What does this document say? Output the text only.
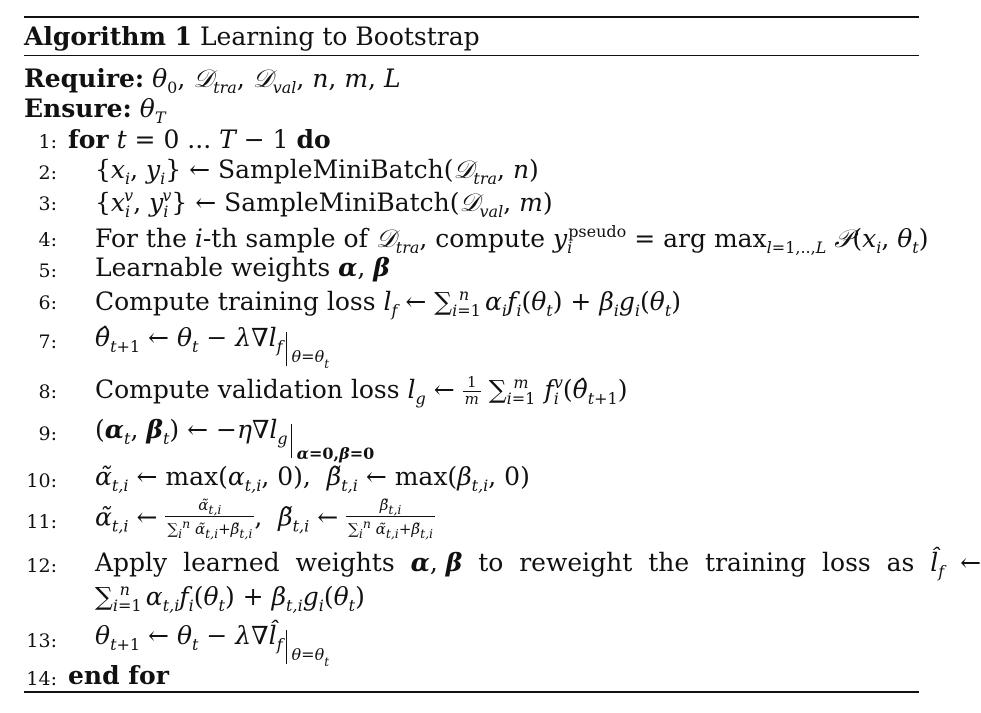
Algorithm 1 Learning to Bootstrap
Require: $\theta_0$, 𝒟$_{tra}$, 𝒟$_{val}$, n, m, L
Ensure: $\theta_T$
1: for t = 0 ... T − 1 do
2: {$x_i$, $y_i$} ← SampleMiniBatch(𝒟$_{tra}$, n)
3: {$x_i^v$, $y_i^v$} ← SampleMiniBatch(𝒟$_{val}$, m)
4: For the i-th sample of 𝒟$_{tra}$, compute $y_i^{pseudo}$ = arg $\max_{l=1,..,L}$ $𝒫(x_i$, $\theta_t$)
5: Learnable weights α, β
6: Compute training loss $l_f$ ← $\sum_{i=1}^n$ $\alpha_if_i(\theta_t) + \beta_ig_i(\theta_t)$
7: $\thetâ_{t+1}$ ← $\theta_t - \lambda\nabla l_f$
$\theta=\theta_t$
8: Compute validation loss $l_g$ ← $\frac{1}{m} \sum_{i=1}^m$ $f_i^v(\thetâ_{t+1})$
9: ($\alpha_t$, $\beta_t$) ← $-\eta\nabla l_g$
α=0,β=0
10: $\alphã_{t,i}$ ← $\max(\alpha_{t,i}$, 0),  $\betã_{t,i}$ ← $\max(\beta_{t,i}$, 0)
11: $\alphã_{t,i}$ ← $\frac{\alphã_{t,i}}{\sum_i^n \alphã_{t,i}+\betã_{t,i}}$ ,  $\betã_{t,i}$ ← $\frac{\betã_{t,i}}{\sum_i^n \alphã_{t,i}+\betã_{t,i}}$
12: Apply  learned  weights  α, β  to  reweight  the  training  loss  as  $l̂_f$  ←
$\sum_{i=1}^n$ $\alpha_{t,i}f_i(\theta_t) + \beta_{t,i}g_i(\theta_t)$
13: $\theta_{t+1}$ ← $\theta_t$ − $\lambda\nabla l̂_f$
$\theta=\theta_t$
14: end for
